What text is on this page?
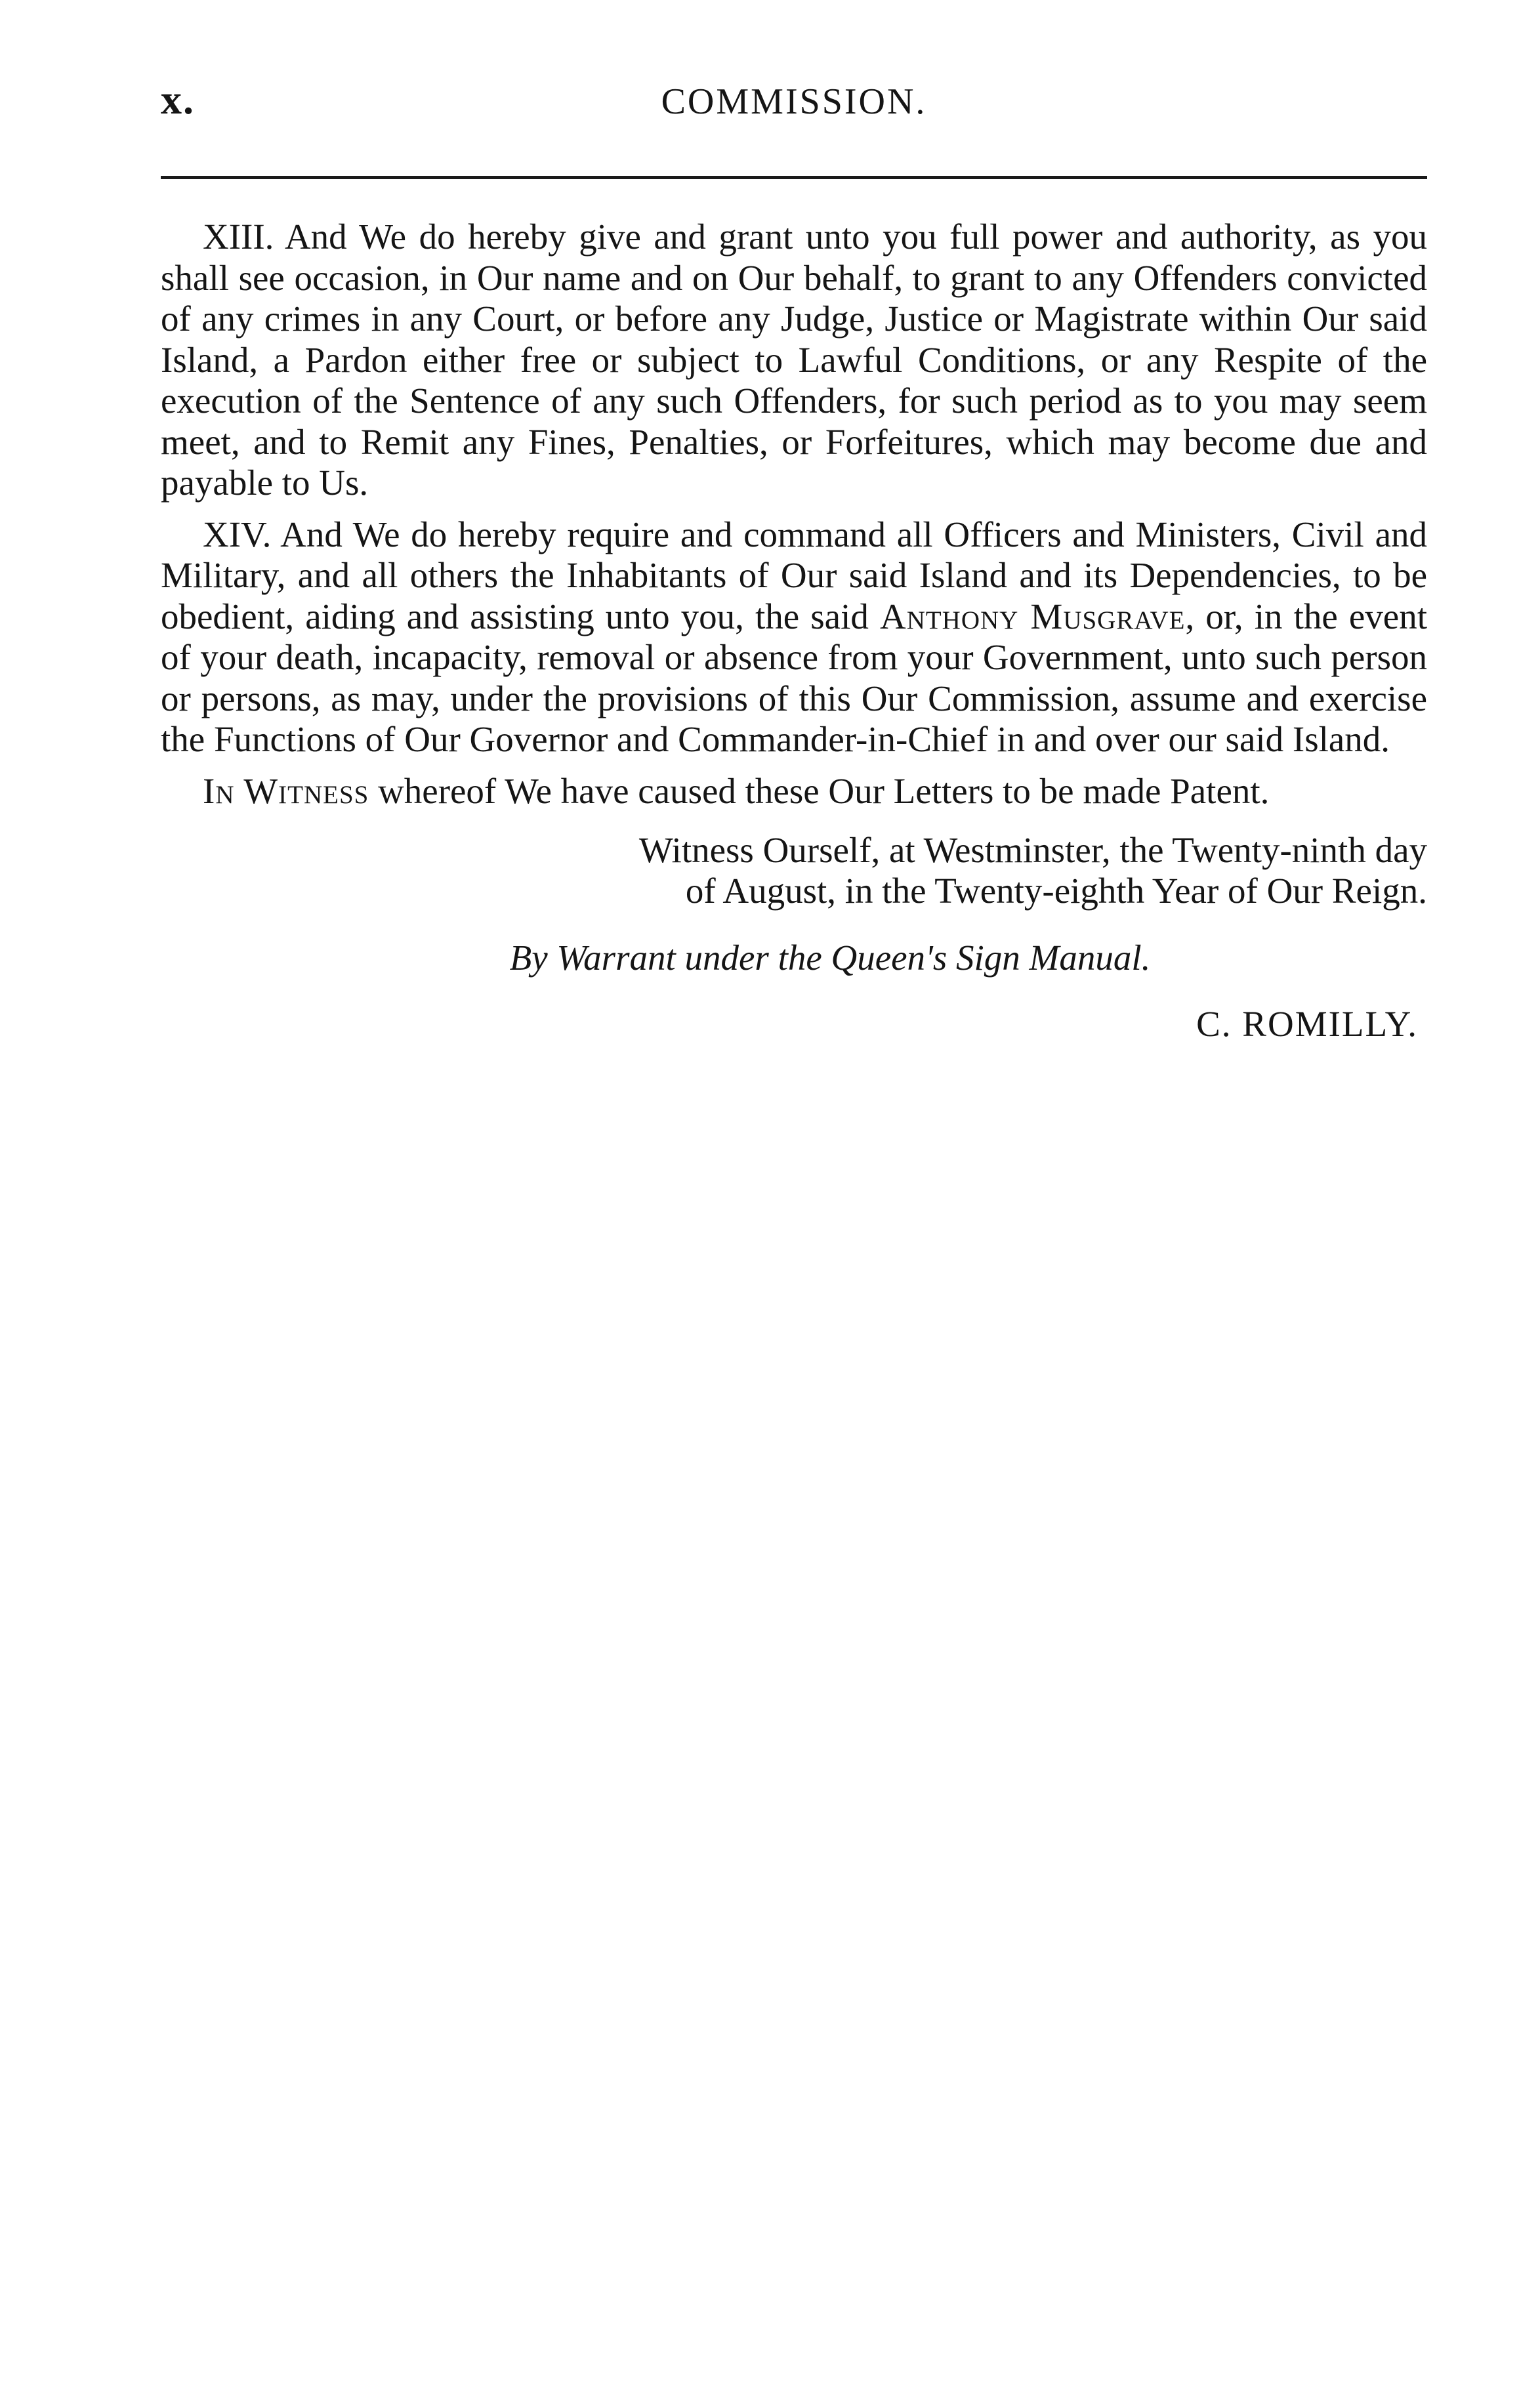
x.	COMMISSION.

XIII. And We do hereby give and grant unto you full power and authority, as you shall see occasion, in Our name and on Our behalf, to grant to any Offenders convicted of any crimes in any Court, or before any Judge, Justice or Magistrate within Our said Island, a Pardon either free or subject to Lawful Conditions, or any Respite of the execution of the Sentence of any such Offenders, for such period as to you may seem meet, and to Remit any Fines, Penalties, or Forfeitures, which may become due and payable to Us.

XIV. And We do hereby require and command all Officers and Ministers, Civil and Military, and all others the Inhabitants of Our said Island and its Dependencies, to be obedient, aiding and assisting unto you, the said Anthony Musgrave, or, in the event of your death, incapacity, removal or absence from your Government, unto such person or persons, as may, under the provisions of this Our Commission, assume and exercise the Functions of Our Governor and Commander-in-Chief in and over our said Island.

In Witness whereof We have caused these Our Letters to be made Patent.

Witness Ourself, at Westminster, the Twenty-ninth day
of August, in the Twenty-eighth Year of Our Reign.
By Warrant under the Queen's Sign Manual.
C. ROMILLY.
